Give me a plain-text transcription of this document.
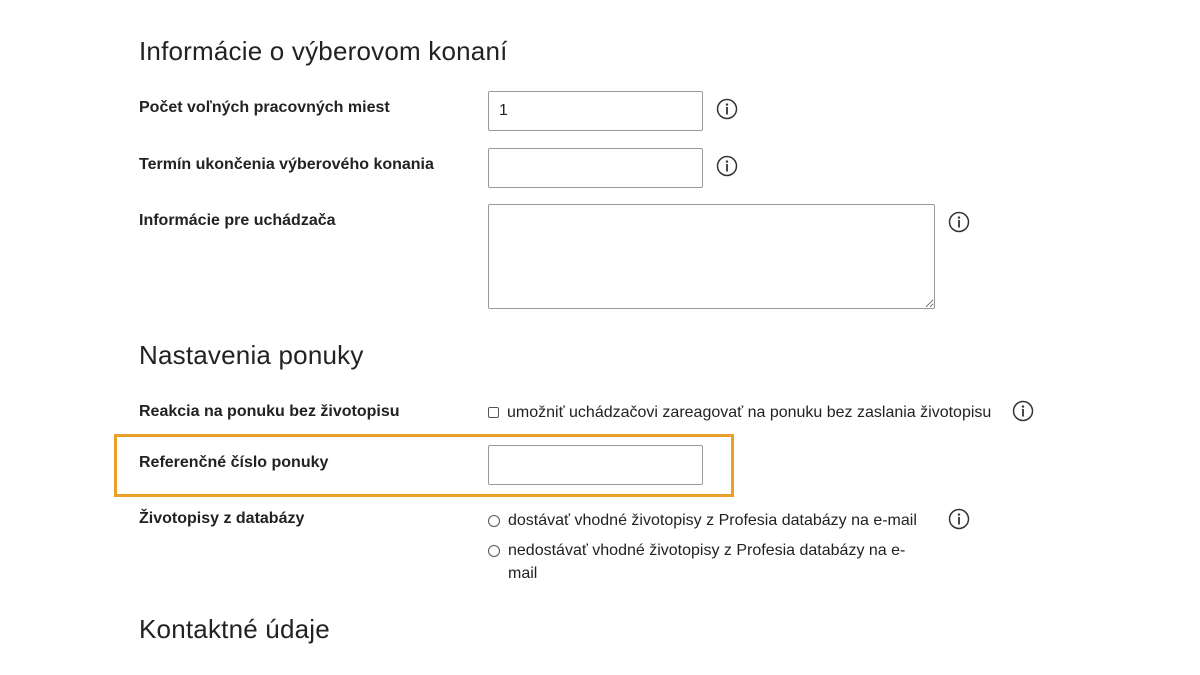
Informácie o výberovom konaní
Počet voľných pracovných miest
1
Termín ukončenia výberového konania
Informácie pre uchádzača
Nastavenia ponuky
Reakcia na ponuku bez životopisu	umožniť uchádzačovi zareagovať na ponuku bez zaslania životopisu
Referenčné číslo ponuky
Životopisy z databázy	dostávať vhodné životopisy z Profesia databázy na e-mail
nedostávať vhodné životopisy z Profesia databázy na e-mail
Kontaktné údaje
